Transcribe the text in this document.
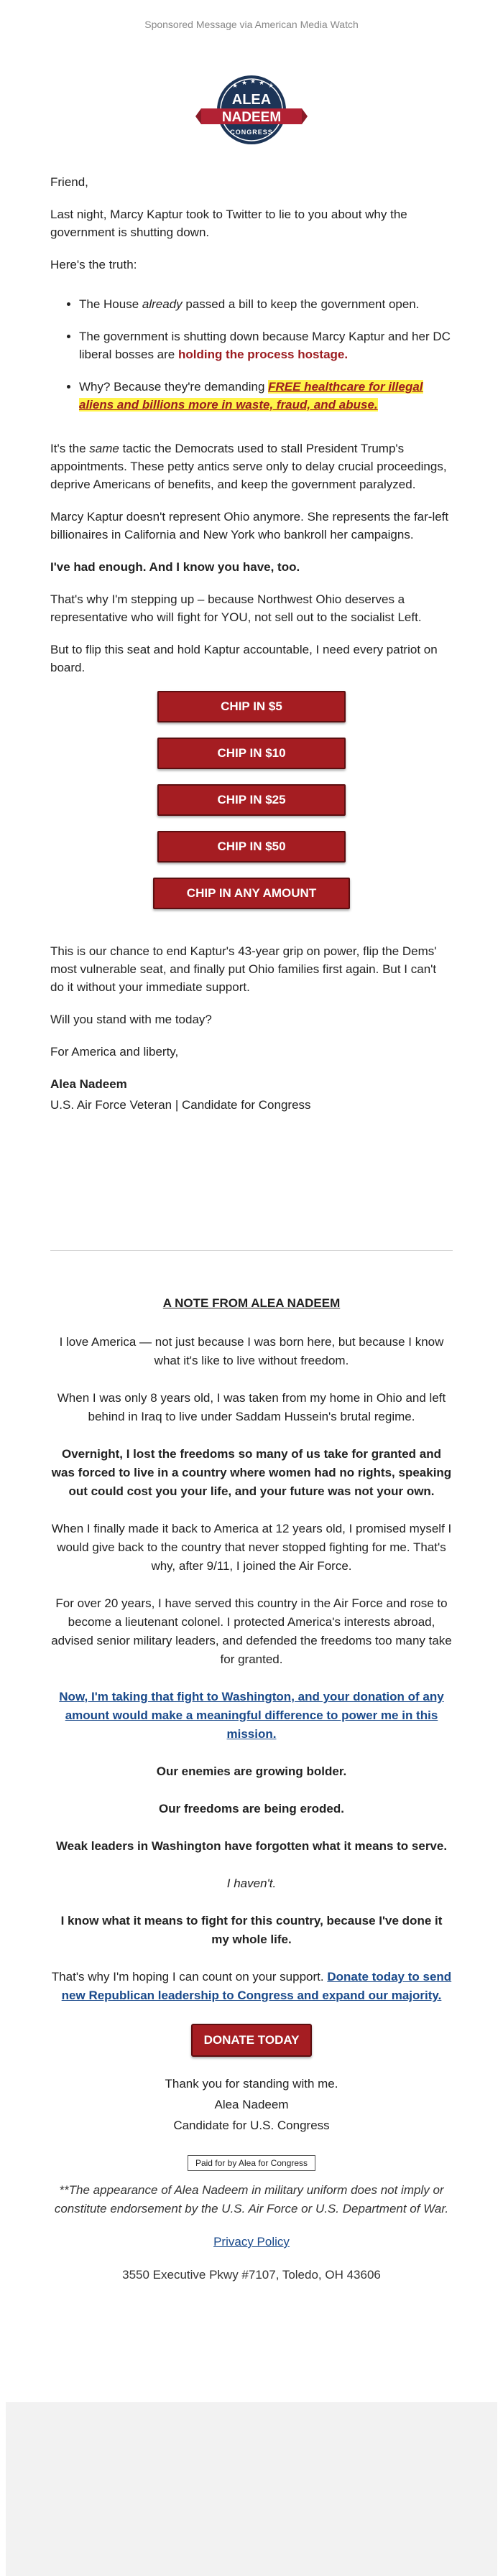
Sponsored Message via American Media Watch
★ ★ ★ ★ ★
ALEA
NADEEM
CONGRESS

Friend,

Last night, Marcy Kaptur took to Twitter to lie to you about why the government is shutting down.

Here's the truth:

• The House already passed a bill to keep the government open.
• The government is shutting down because Marcy Kaptur and her DC liberal bosses are holding the process hostage.
• Why? Because they're demanding FREE healthcare for illegal aliens and billions more in waste, fraud, and abuse.

It's the same tactic the Democrats used to stall President Trump's appointments. These petty antics serve only to delay crucial proceedings, deprive Americans of benefits, and keep the government paralyzed.

Marcy Kaptur doesn't represent Ohio anymore. She represents the far-left billionaires in California and New York who bankroll her campaigns.

I've had enough. And I know you have, too.

That's why I'm stepping up – because Northwest Ohio deserves a representative who will fight for YOU, not sell out to the socialist Left.

But to flip this seat and hold Kaptur accountable, I need every patriot on board.

CHIP IN $5
CHIP IN $10
CHIP IN $25
CHIP IN $50
CHIP IN ANY AMOUNT

This is our chance to end Kaptur's 43-year grip on power, flip the Dems' most vulnerable seat, and finally put Ohio families first again. But I can't do it without your immediate support.

Will you stand with me today?

For America and liberty,

Alea Nadeem

U.S. Air Force Veteran | Candidate for Congress

A NOTE FROM ALEA NADEEM

I love America — not just because I was born here, but because I know what it's like to live without freedom.

When I was only 8 years old, I was taken from my home in Ohio and left behind in Iraq to live under Saddam Hussein's brutal regime.

Overnight, I lost the freedoms so many of us take for granted and was forced to live in a country where women had no rights, speaking out could cost you your life, and your future was not your own.

When I finally made it back to America at 12 years old, I promised myself I would give back to the country that never stopped fighting for me. That's why, after 9/11, I joined the Air Force.

For over 20 years, I have served this country in the Air Force and rose to become a lieutenant colonel. I protected America's interests abroad, advised senior military leaders, and defended the freedoms too many take for granted.

Now, I'm taking that fight to Washington, and your donation of any amount would make a meaningful difference to power me in this mission.

Our enemies are growing bolder.

Our freedoms are being eroded.

Weak leaders in Washington have forgotten what it means to serve.

I haven't.

I know what it means to fight for this country, because I've done it my whole life.

That's why I'm hoping I can count on your support. Donate today to send new Republican leadership to Congress and expand our majority.

DONATE TODAY

Thank you for standing with me.

Alea Nadeem

Candidate for U.S. Congress

Paid for by Alea for Congress

**The appearance of Alea Nadeem in military uniform does not imply or constitute endorsement by the U.S. Air Force or U.S. Department of War.

Privacy Policy

3550 Executive Pkwy #7107, Toledo, OH 43606
